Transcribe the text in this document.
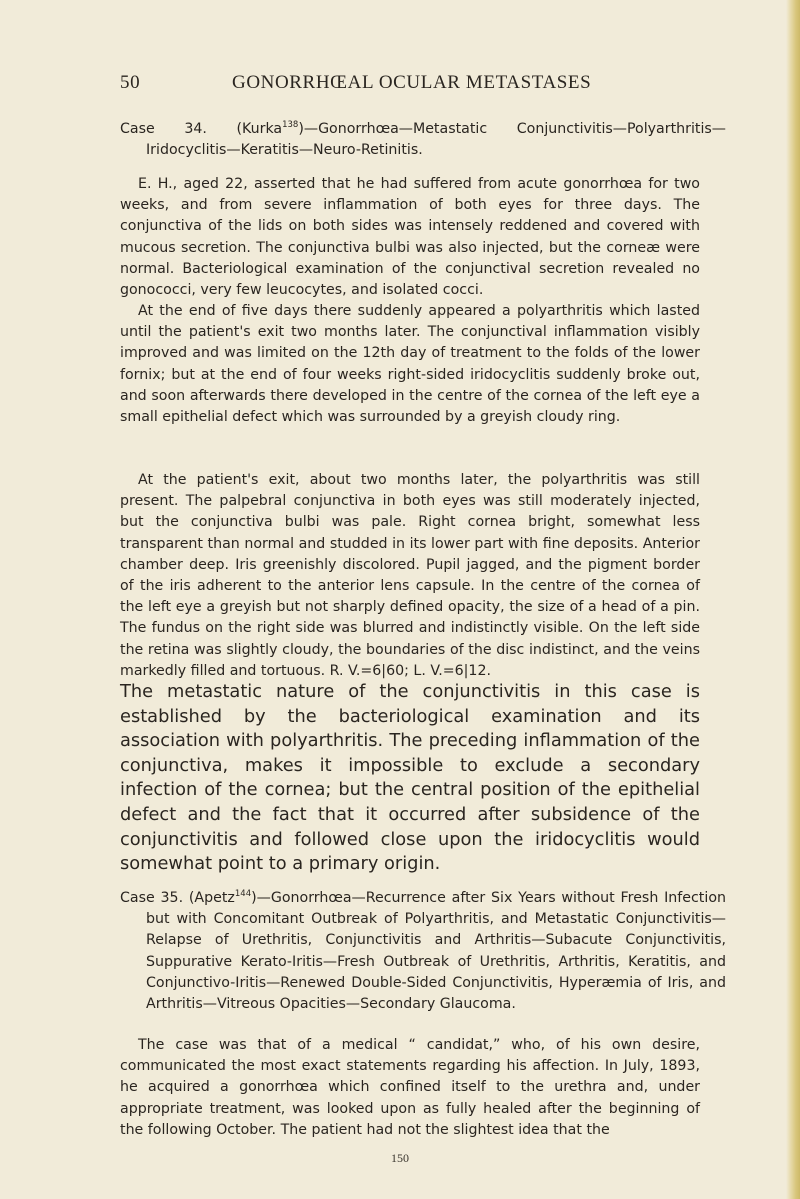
50	GONORRHŒAL OCULAR METASTASES

Case 34. (Kurka$^{138}$)—Gonorrhœa—Metastatic Conjunctivitis—Polyarthritis—Iridocyclitis—Keratitis—Neuro-Retinitis.

E. H., aged 22, asserted that he had suffered from acute gonorrhœa for two weeks, and from severe inflammation of both eyes for three days. The conjunctiva of the lids on both sides was intensely reddened and covered with mucous secretion. The conjunctiva bulbi was also injected, but the corneæ were normal. Bacteriological examination of the conjunctival secretion revealed no gonococci, very few leucocytes, and isolated cocci.

At the end of five days there suddenly appeared a polyarthritis which lasted until the patient's exit two months later. The conjunctival inflammation visibly improved and was limited on the 12th day of treatment to the folds of the lower fornix; but at the end of four weeks right-sided iridocyclitis suddenly broke out, and soon afterwards there developed in the centre of the cornea of the left eye a small epithelial defect which was surrounded by a greyish cloudy ring.

At the patient's exit, about two months later, the polyarthritis was still present. The palpebral conjunctiva in both eyes was still moderately injected, but the conjunctiva bulbi was pale. Right cornea bright, somewhat less transparent than normal and studded in its lower part with fine deposits. Anterior chamber deep. Iris greenishly discolored. Pupil jagged, and the pigment border of the iris adherent to the anterior lens capsule. In the centre of the cornea of the left eye a greyish but not sharply defined opacity, the size of a head of a pin. The fundus on the right side was blurred and indistinctly visible. On the left side the retina was slightly cloudy, the boundaries of the disc indistinct, and the veins markedly filled and tortuous. R. V.=6|60; L. V.=6|12.

The metastatic nature of the conjunctivitis in this case is established by the bacteriological examination and its association with polyarthritis. The preceding inflammation of the conjunctiva, makes it impossible to exclude a secondary infection of the cornea; but the central position of the epithelial defect and the fact that it occurred after subsidence of the conjunctivitis and followed close upon the iridocyclitis would somewhat point to a primary origin.

Case 35. (Apetz$^{144}$)—Gonorrhœa—Recurrence after Six Years without Fresh Infection but with Concomitant Outbreak of Polyarthritis, and Metastatic Conjunctivitis—Relapse of Urethritis, Conjunctivitis and Arthritis—Subacute Conjunctivitis, Suppurative Kerato-Iritis—Fresh Outbreak of Urethritis, Arthritis, Keratitis, and Conjunctivo-Iritis—Renewed Double-Sided Conjunctivitis, Hyperæmia of Iris, and Arthritis—Vitreous Opacities—Secondary Glaucoma.

The case was that of a medical “ candidat,” who, of his own desire, communicated the most exact statements regarding his affection. In July, 1893, he acquired a gonorrhœa which confined itself to the urethra and, under appropriate treatment, was looked upon as fully healed after the beginning of the following October. The patient had not the slightest idea that the

150
